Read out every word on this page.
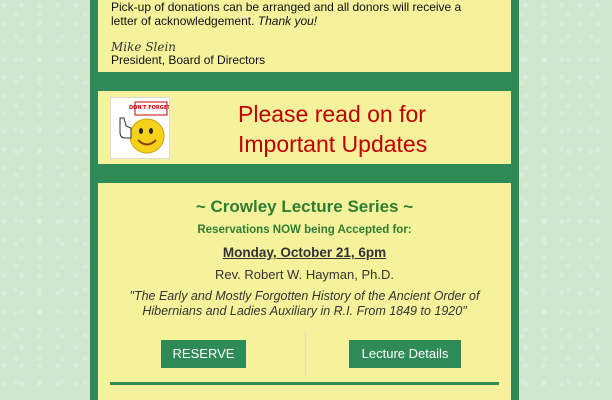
Pick-up of donations can be arranged and all donors will receive a letter of acknowledgement. Thank you!
Mike Slein
President, Board of Directors
DON'T FORGET!	Please read on for
Important Updates
~ Crowley Lecture Series ~
Reservations NOW being Accepted for:
Monday, October 21, 6pm
Rev. Robert W. Hayman, Ph.D.
"The Early and Mostly Forgotten History of the Ancient Order of Hibernians and Ladies Auxiliary in R.I. From 1849 to 1920"
RESERVE	Lecture Details
